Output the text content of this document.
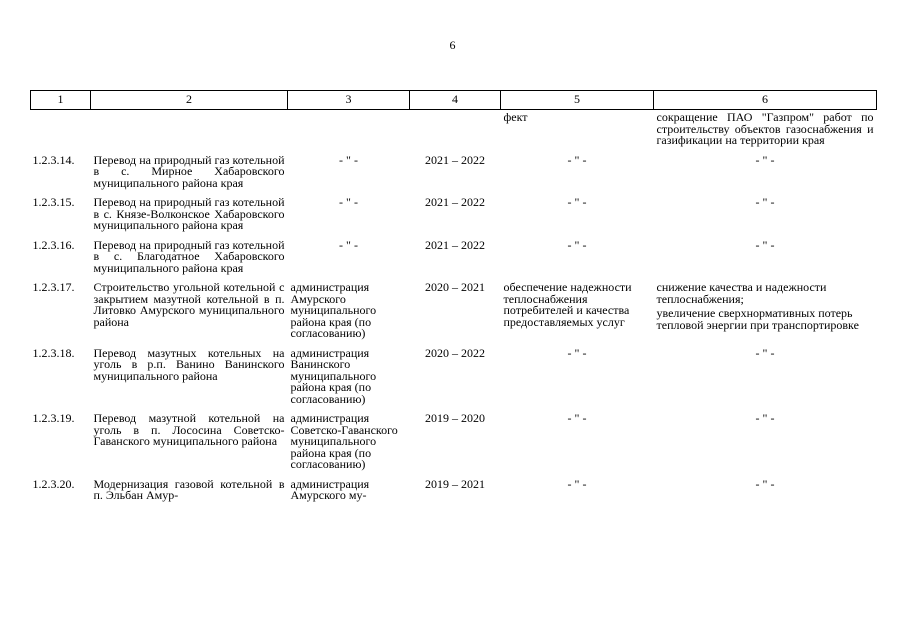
6
1	2	3	4	5	6
				фект	сокращение ПАО "Газпром" работ по строительству объектов газоснабжения и газификации на территории края
1.2.3.14.	Перевод на природный газ котельной в с. Мирное Хабаровского муниципального района края	- " -	2021 – 2022	- " -	- " -

1.2.3.15.	Перевод на природный газ котельной в с. Князе-Волконское Хабаровского муниципального района края	- " -	2021 – 2022	- " -	- " -

1.2.3.16.	Перевод на природный газ котельной в с. Благодатное Хабаровского муниципального района края	- " -	2021 – 2022	- " -	- " -

1.2.3.17.	Строительство угольной котельной с закрытием мазутной котельной в п. Литовко Амурского муниципального района	администрация Амурского муниципального района края (по согласованию)	2020 – 2021	обеспечение надежности теплоснабжения потребителей и качества предоставляемых услуг	снижение качества и надежности теплоснабжения;
увеличение сверхнормативных потерь тепловой энергии при транспортировке

1.2.3.18.	Перевод мазутных котельных на уголь в р.п. Ванино Ванинского муниципального района	администрация Ванинского муниципального района края (по согласованию)	2020 – 2022	- " -	- " -

1.2.3.19.	Перевод мазутной котельной на уголь в п. Лососина Советско-Гаванского муниципального района	администрация Советско-Гаванского муниципального района края (по согласованию)	2019 – 2020	- " -	- " -

1.2.3.20.	Модернизация газовой котельной в п. Эльбан Амур-	администрация Амурского му-	2019 – 2021	- " -	- " -
